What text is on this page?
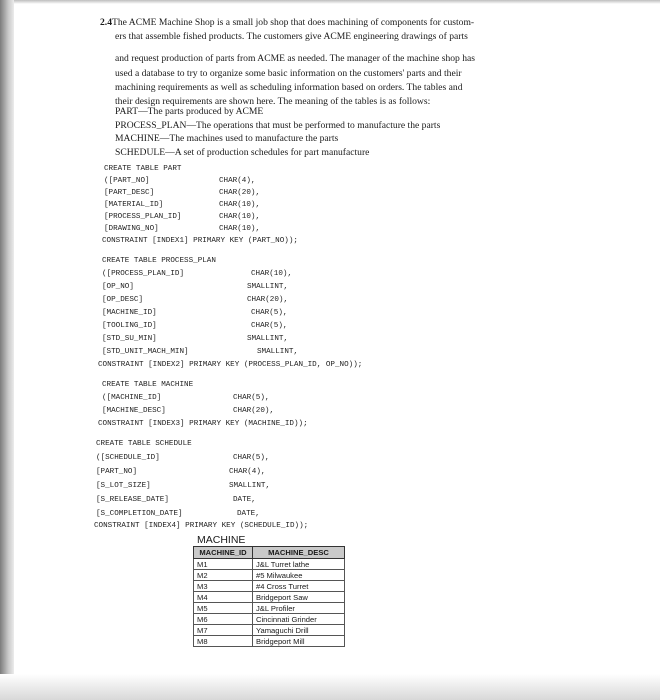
2.4The ACME Machine Shop is a small job shop that does machining of components for custom-
ers that assemble fished products. The customers give ACME engineering drawings of parts
and request production of parts from ACME as needed. The manager of the machine shop has
used a database to try to organize some basic information on the customers' parts and their
machining requirements as well as scheduling information based on orders. The tables and
their design requirements are shown here. The meaning of the tables is as follows:
PART—The parts produced by ACME
PROCESS_PLAN—The operations that must be performed to manufacture the parts
MACHINE—The machines used to manufacture the parts
SCHEDULE—A set of production schedules for part manufacture
CREATE TABLE PART
([PART_NO]	CHAR(4),
[PART_DESC]	CHAR(20),
[MATERIAL_ID]	CHAR(10),
[PROCESS_PLAN_ID]	CHAR(10),
[DRAWING_NO]	CHAR(10),
CONSTRAINT [INDEX1] PRIMARY KEY (PART_NO));
CREATE TABLE PROCESS_PLAN
([PROCESS_PLAN_ID]	CHAR(10),
[OP_NO]	SMALLINT,
[OP_DESC]	CHAR(20),
[MACHINE_ID]	CHAR(5),
[TOOLING_ID]	CHAR(5),
[STD_SU_MIN]	SMALLINT,
[STD_UNIT_MACH_MIN]	SMALLINT,
CONSTRAINT [INDEX2] PRIMARY KEY (PROCESS_PLAN_ID, OP_NO));
CREATE TABLE MACHINE
([MACHINE_ID]	CHAR(5),
[MACHINE_DESC]	CHAR(20),
CONSTRAINT [INDEX3] PRIMARY KEY (MACHINE_ID));
CREATE TABLE SCHEDULE
([SCHEDULE_ID]	CHAR(5),
[PART_NO]	CHAR(4),
[S_LOT_SIZE]	SMALLINT,
[S_RELEASE_DATE]	DATE,
[S_COMPLETION_DATE]	DATE,
CONSTRAINT [INDEX4] PRIMARY KEY (SCHEDULE_ID));
MACHINE
MACHINE_ID	MACHINE_DESC
M1	J&L Turret lathe
M2	#5 Milwaukee
M3	#4 Cross Turret
M4	Bridgeport Saw
M5	J&L Profiler
M6	Cincinnati Grinder
M7	Yamaguchi Drill
M8	Bridgeport Mill
